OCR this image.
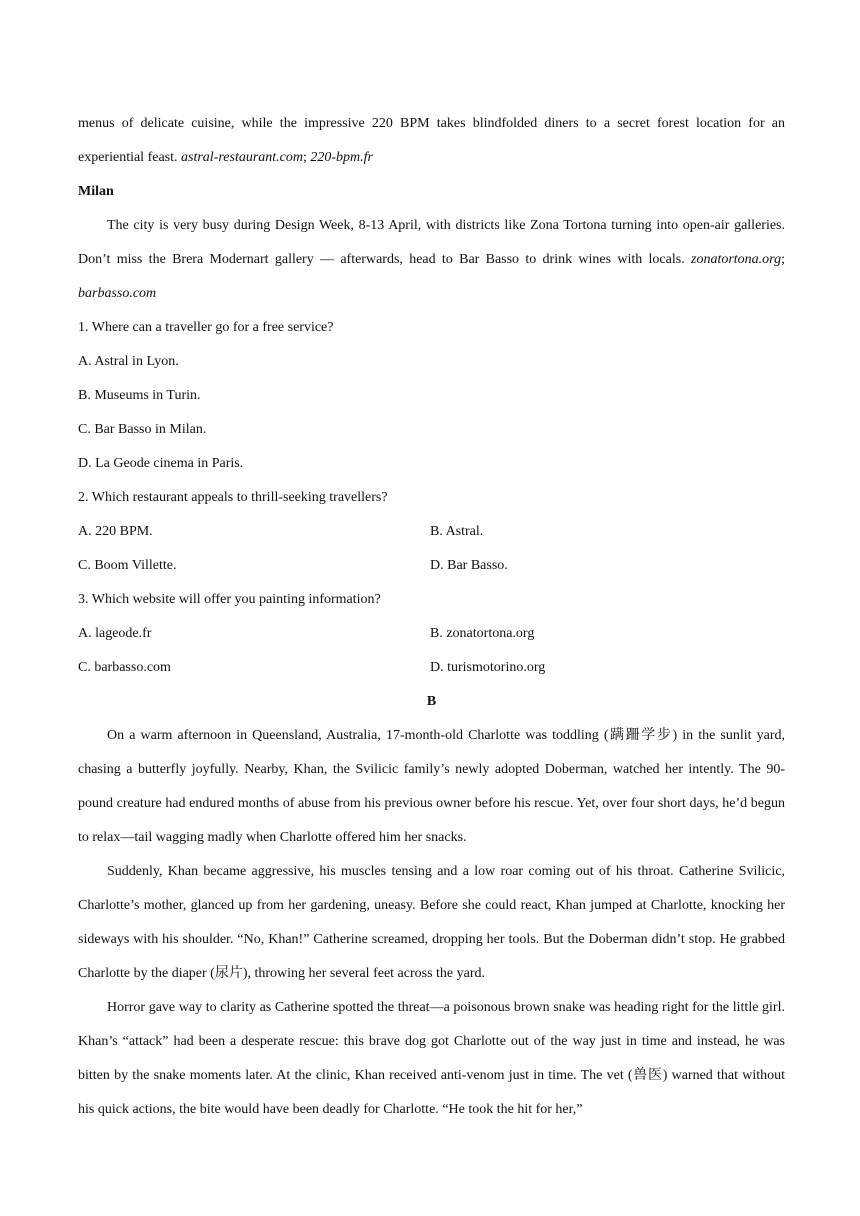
menus of delicate cuisine, while the impressive 220 BPM takes blindfolded diners to a secret forest location for an experiential feast. astral-restaurant.com; 220-bpm.fr
Milan
The city is very busy during Design Week, 8-13 April, with districts like Zona Tortona turning into open-air galleries. Don’t miss the Brera Modernart gallery — afterwards, head to Bar Basso to drink wines with locals. zonatortona.org; barbasso.com
1. Where can a traveller go for a free service?
A. Astral in Lyon.
B. Museums in Turin.
C. Bar Basso in Milan.
D. La Geode cinema in Paris.
2. Which restaurant appeals to thrill-seeking travellers?
A. 220 BPM.	B. Astral.
C. Boom Villette.	D. Bar Basso.
3. Which website will offer you painting information?
A. lageode.fr	B. zonatortona.org
C. barbasso.com	D. turismotorino.org
B
On a warm afternoon in Queensland, Australia, 17-month-old Charlotte was toddling (蹒跚学步) in the sunlit yard, chasing a butterfly joyfully. Nearby, Khan, the Svilicic family’s newly adopted Doberman, watched her intently. The 90-pound creature had endured months of abuse from his previous owner before his rescue. Yet, over four short days, he’d begun to relax—tail wagging madly when Charlotte offered him her snacks.
Suddenly, Khan became aggressive, his muscles tensing and a low roar coming out of his throat. Catherine Svilicic, Charlotte’s mother, glanced up from her gardening, uneasy. Before she could react, Khan jumped at Charlotte, knocking her sideways with his shoulder. “No, Khan!” Catherine screamed, dropping her tools. But the Doberman didn’t stop. He grabbed Charlotte by the diaper (尿片), throwing her several feet across the yard.
Horror gave way to clarity as Catherine spotted the threat—a poisonous brown snake was heading right for the little girl. Khan’s “attack” had been a desperate rescue: this brave dog got Charlotte out of the way just in time and instead, he was bitten by the snake moments later. At the clinic, Khan received anti-venom just in time. The vet (兽医) warned that without his quick actions, the bite would have been deadly for Charlotte. “He took the hit for her,”
